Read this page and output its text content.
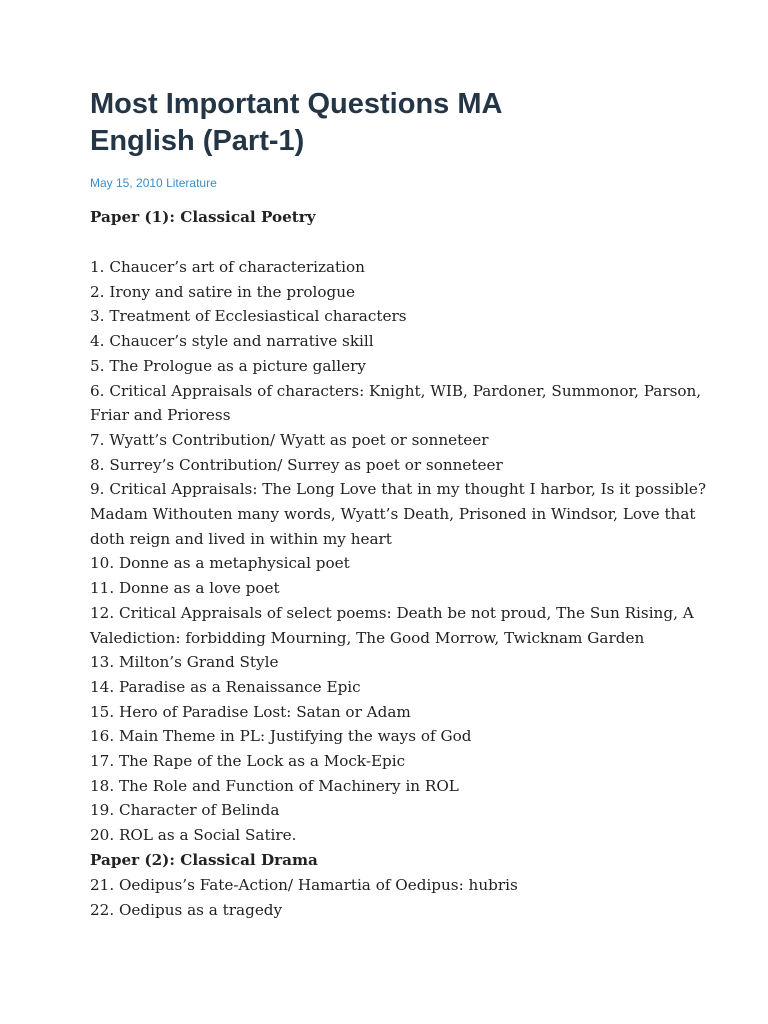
Most Important Questions MA English (Part-1)
May 15, 2010 Literature

Paper (1): Classical Poetry

1. Chaucer’s art of characterization
2. Irony and satire in the prologue
3. Treatment of Ecclesiastical characters
4. Chaucer’s style and narrative skill
5. The Prologue as a picture gallery
6. Critical Appraisals of characters: Knight, WIB, Pardoner, Summonor, Parson, Friar and Prioress
7. Wyatt’s Contribution/ Wyatt as poet or sonneteer
8. Surrey’s Contribution/ Surrey as poet or sonneteer
9. Critical Appraisals: The Long Love that in my thought I harbor, Is it possible? Madam Withouten many words, Wyatt’s Death, Prisoned in Windsor, Love that doth reign and lived in within my heart
10. Donne as a metaphysical poet
11. Donne as a love poet
12. Critical Appraisals of select poems: Death be not proud, The Sun Rising, A Valediction: forbidding Mourning, The Good Morrow, Twicknam Garden
13. Milton’s Grand Style
14. Paradise as a Renaissance Epic
15. Hero of Paradise Lost: Satan or Adam
16. Main Theme in PL: Justifying the ways of God
17. The Rape of the Lock as a Mock-Epic
18. The Role and Function of Machinery in ROL
19. Character of Belinda
20. ROL as a Social Satire.

Paper (2): Classical Drama

21. Oedipus’s Fate-Action/ Hamartia of Oedipus: hubris
22. Oedipus as a tragedy
